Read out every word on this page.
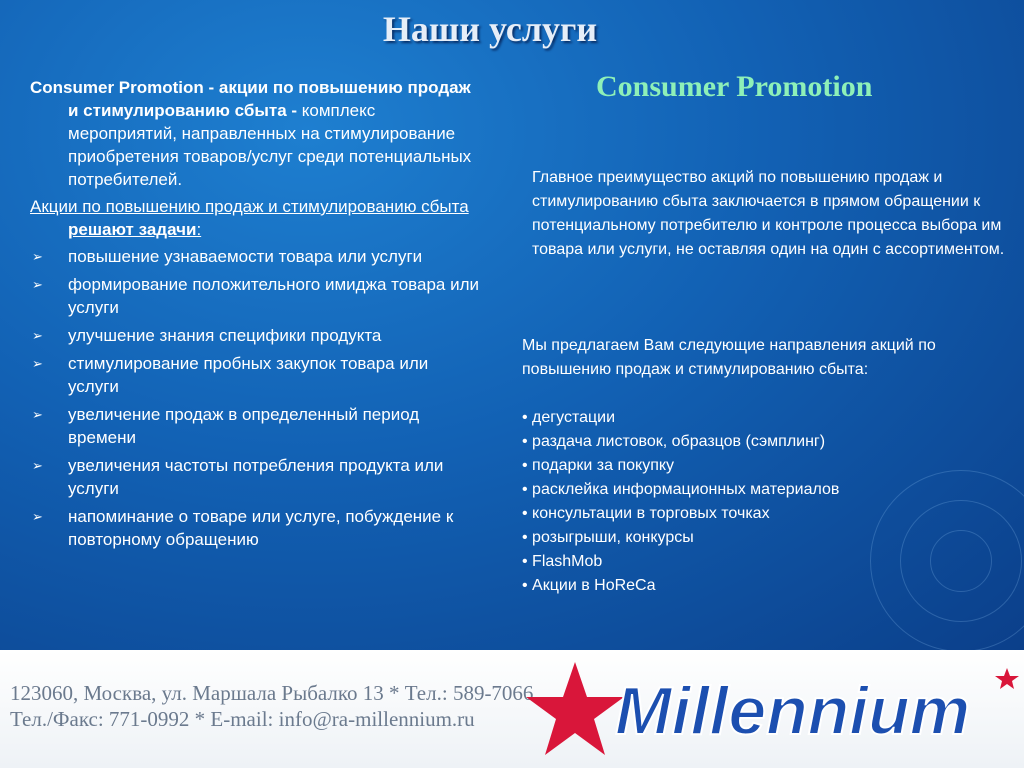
Наши услуги

Consumer Promotion - акции по повышению продаж и стимулированию сбыта - комплекс мероприятий, направленных на стимулирование приобретения товаров/услуг среди потенциальных потребителей.

Акции по повышению продаж и стимулированию сбыта решают задачи:

➢ повышение узнаваемости товара или услуги
➢ формирование положительного имиджа товара или услуги
➢ улучшение знания специфики продукта
➢ стимулирование пробных закупок товара или услуги
➢ увеличение продаж в определенный период времени
➢ увеличения частоты потребления продукта или услуги
➢ напоминание о товаре или услуге, побуждение к повторному обращению
Consumer Promotion
Главное преимущество акций по повышению продаж и стимулированию сбыта заключается в прямом обращении к потенциальному потребителю и контроле процесса выбора им товара или услуги, не оставляя один на один с ассортиментом.
Мы предлагаем Вам следующие направления акций по повышению продаж и стимулированию сбыта:
• дегустации
• раздача листовок, образцов (сэмплинг)
• подарки за покупку
• расклейка информационных материалов
• консультации в торговых точках
• розыгрыши, конкурсы
• FlashMob
• Акции в HoReCa
123060, Москва, ул. Маршала Рыбалко 13 * Тел.: 589-7066
Тел./Факс: 771-0992 * E-mail: info@ra-millennium.ru	Millennium
